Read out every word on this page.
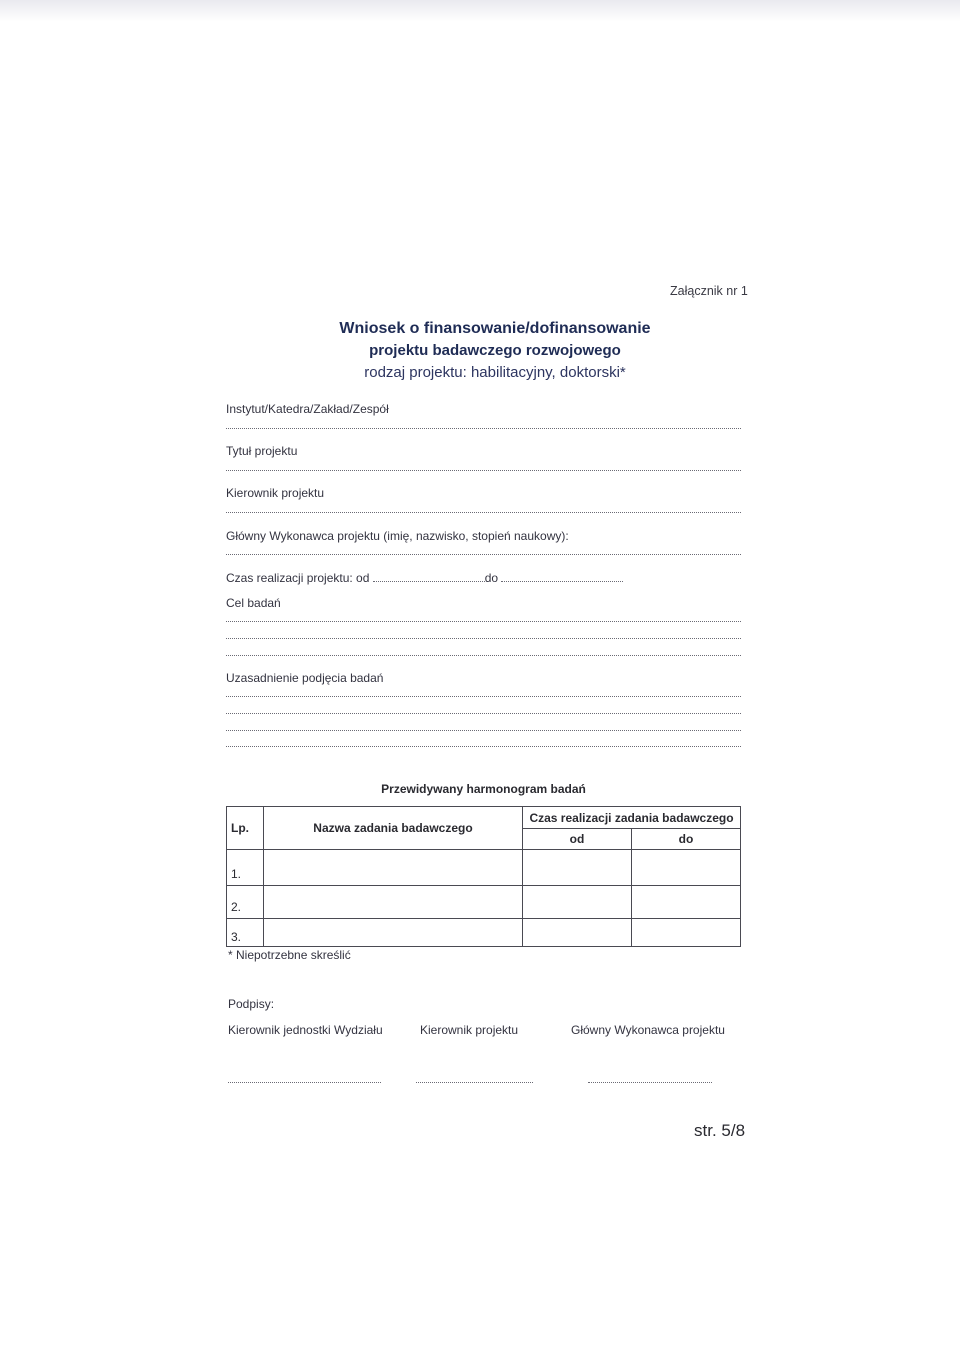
Załącznik nr 1
Wniosek o finansowanie/dofinansowanie
projektu badawczego rozwojowego
rodzaj projektu: habilitacyjny, doktorski*
Instytut/Katedra/Zakład/Zespół
Tytuł projektu
Kierownik projektu
Główny Wykonawca projektu (imię, nazwisko, stopień naukowy):
Czas realizacji projektu: od	do
Cel badań
Uzasadnienie podjęcia badań
Przewidywany harmonogram badań
Lp.	Nazwa zadania badawczego	Czas realizacji zadania badawczego	
		od	do
1.			
2.			
3.			
* Niepotrzebne skreślić
Podpisy:
Kierownik jednostki Wydziału	Kierownik projektu	Główny Wykonawca projektu
str. 5/8
